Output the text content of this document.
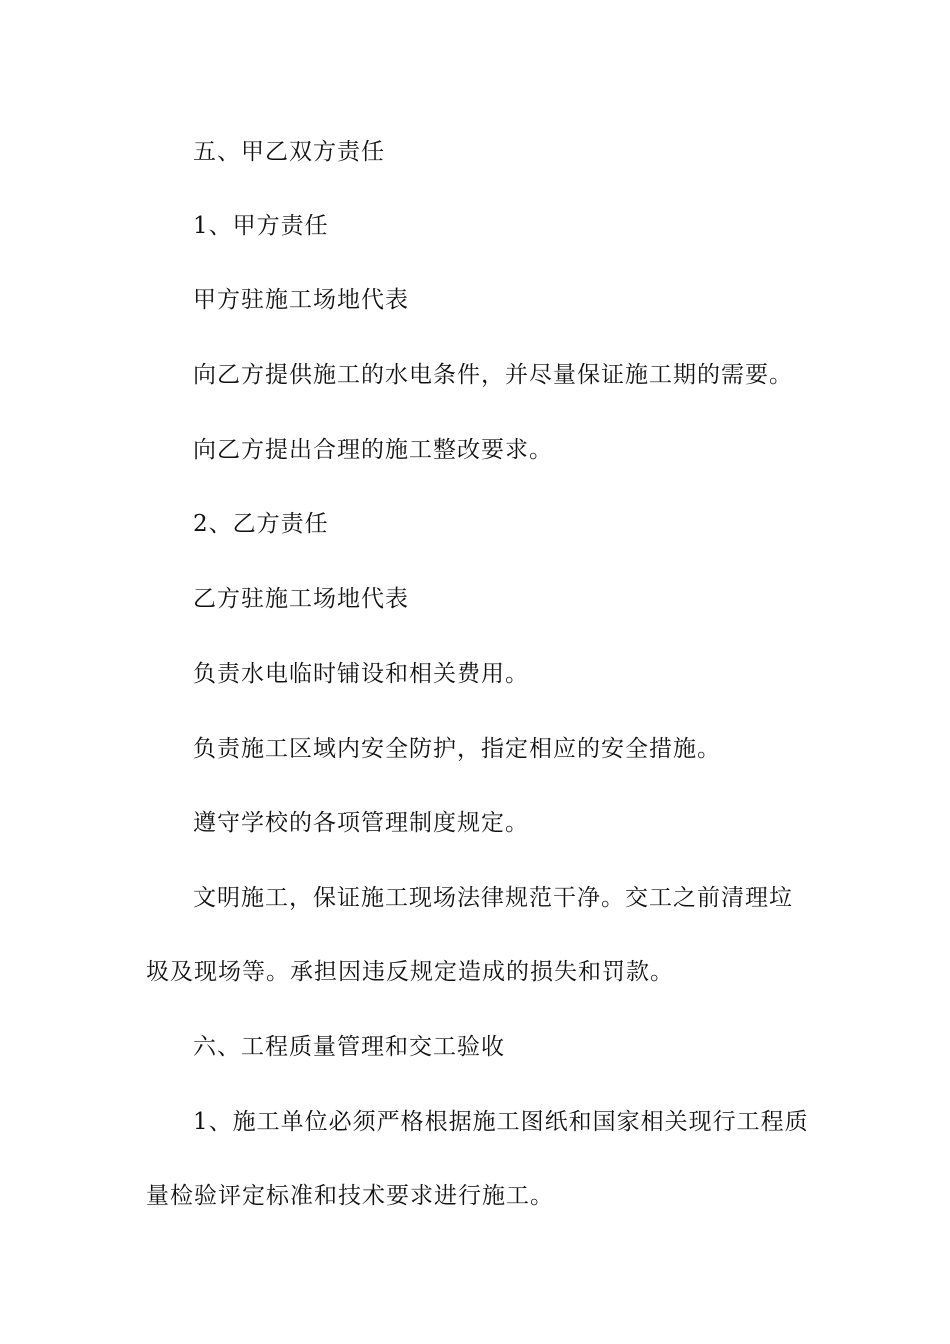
五、甲乙双方责任

1、甲方责任

甲方驻施工场地代表

向乙方提供施工的水电条件，并尽量保证施工期的需要。

向乙方提出合理的施工整改要求。

2、乙方责任

乙方驻施工场地代表

负责水电临时铺设和相关费用。

负责施工区域内安全防护，指定相应的安全措施。

遵守学校的各项管理制度规定。

文明施工，保证施工现场法律规范干净。交工之前清理垃

圾及现场等。承担因违反规定造成的损失和罚款。

六、工程质量管理和交工验收

1、施工单位必须严格根据施工图纸和国家相关现行工程质

量检验评定标准和技术要求进行施工。
